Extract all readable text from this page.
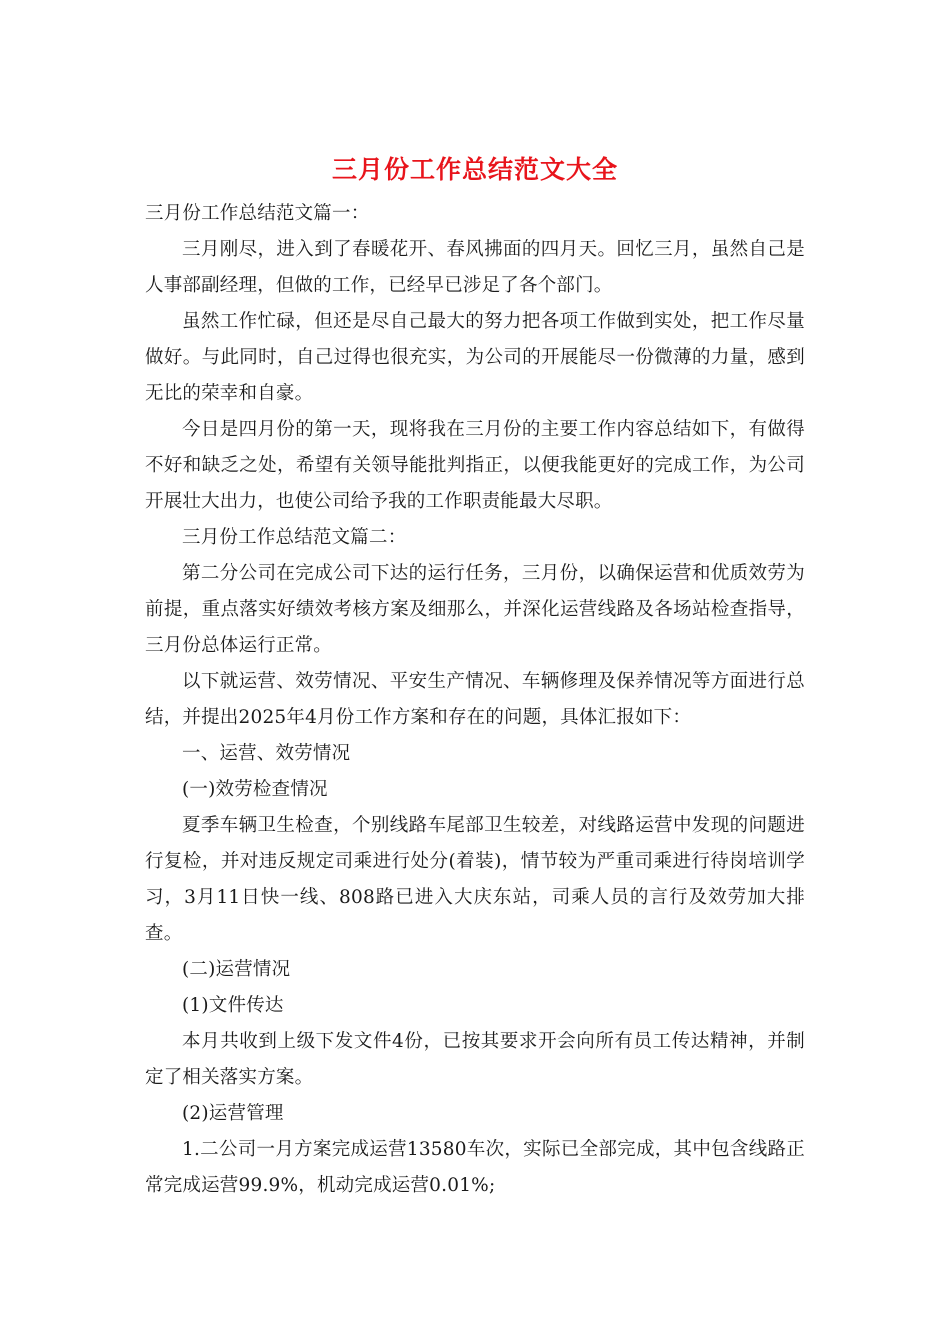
三月份工作总结范文大全

三月份工作总结范文篇一：

三月刚尽，进入到了春暖花开、春风拂面的四月天。回忆三月，虽然自己是人事部副经理，但做的工作，已经早已涉足了各个部门。

虽然工作忙碌，但还是尽自己最大的努力把各项工作做到实处，把工作尽量做好。与此同时，自己过得也很充实，为公司的开展能尽一份微薄的力量，感到无比的荣幸和自豪。

今日是四月份的第一天，现将我在三月份的主要工作内容总结如下，有做得不好和缺乏之处，希望有关领导能批判指正，以便我能更好的完成工作，为公司开展壮大出力，也使公司给予我的工作职责能最大尽职。

三月份工作总结范文篇二：

第二分公司在完成公司下达的运行任务，三月份，以确保运营和优质效劳为前提，重点落实好绩效考核方案及细那么，并深化运营线路及各场站检查指导，三月份总体运行正常。

以下就运营、效劳情况、平安生产情况、车辆修理及保养情况等方面进行总结，并提出2025年4月份工作方案和存在的问题，具体汇报如下：

一、运营、效劳情况

(一)效劳检查情况

夏季车辆卫生检查，个别线路车尾部卫生较差，对线路运营中发现的问题进行复检，并对违反规定司乘进行处分(着装)，情节较为严重司乘进行待岗培训学习，3月11日快一线、808路已进入大庆东站，司乘人员的言行及效劳加大排查。

(二)运营情况

(1)文件传达

本月共收到上级下发文件4份，已按其要求开会向所有员工传达精神，并制定了相关落实方案。

(2)运营管理

1.二公司一月方案完成运营13580车次，实际已全部完成，其中包含线路正常完成运营99.9%，机动完成运营0.01%;
